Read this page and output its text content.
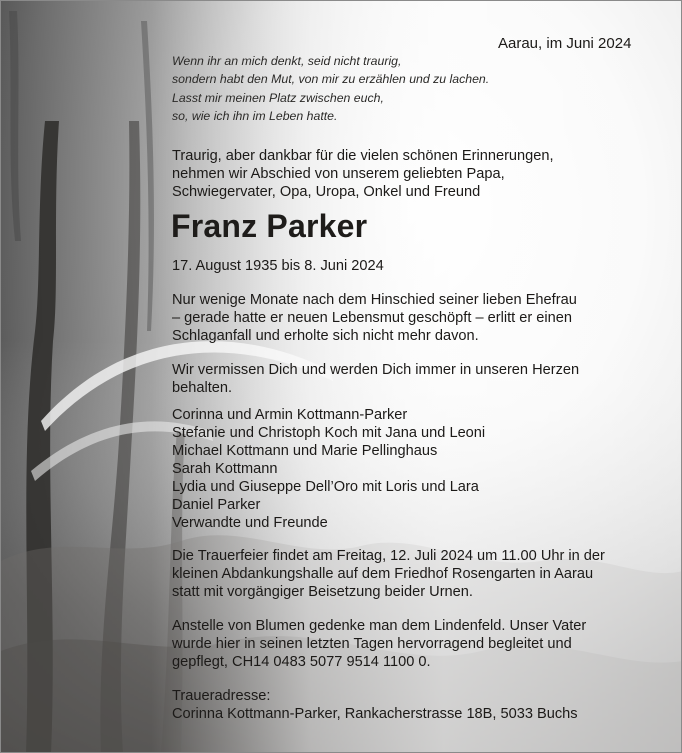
Aarau, im Juni 2024
Wenn ihr an mich denkt, seid nicht traurig,
sondern habt den Mut, von mir zu erzählen und zu lachen.
Lasst mir meinen Platz zwischen euch,
so, wie ich ihn im Leben hatte.
Traurig, aber dankbar für die vielen schönen Erinnerungen,
nehmen wir Abschied von unserem geliebten Papa,
Schwiegervater, Opa, Uropa, Onkel und Freund
Franz Parker
17. August 1935 bis 8. Juni 2024
Nur wenige Monate nach dem Hinschied seiner lieben Ehefrau
– gerade hatte er neuen Lebensmut geschöpft – erlitt er einen
Schlaganfall und erholte sich nicht mehr davon.
Wir vermissen Dich und werden Dich immer in unseren Herzen
behalten.
Corinna und Armin Kottmann-Parker
Stefanie und Christoph Koch mit Jana und Leoni
Michael Kottmann und Marie Pellinghaus
Sarah Kottmann
Lydia und Giuseppe Dell’Oro mit Loris und Lara
Daniel Parker
Verwandte und Freunde
Die Trauerfeier findet am Freitag, 12. Juli 2024 um 11.00 Uhr in der
kleinen Abdankungshalle auf dem Friedhof Rosengarten in Aarau
statt mit vorgängiger Beisetzung beider Urnen.
Anstelle von Blumen gedenke man dem Lindenfeld. Unser Vater
wurde hier in seinen letzten Tagen hervorragend begleitet und
gepflegt, CH14 0483 5077 9514 1100 0.
Traueradresse:
Corinna Kottmann-Parker, Rankacherstrasse 18B, 5033 Buchs
